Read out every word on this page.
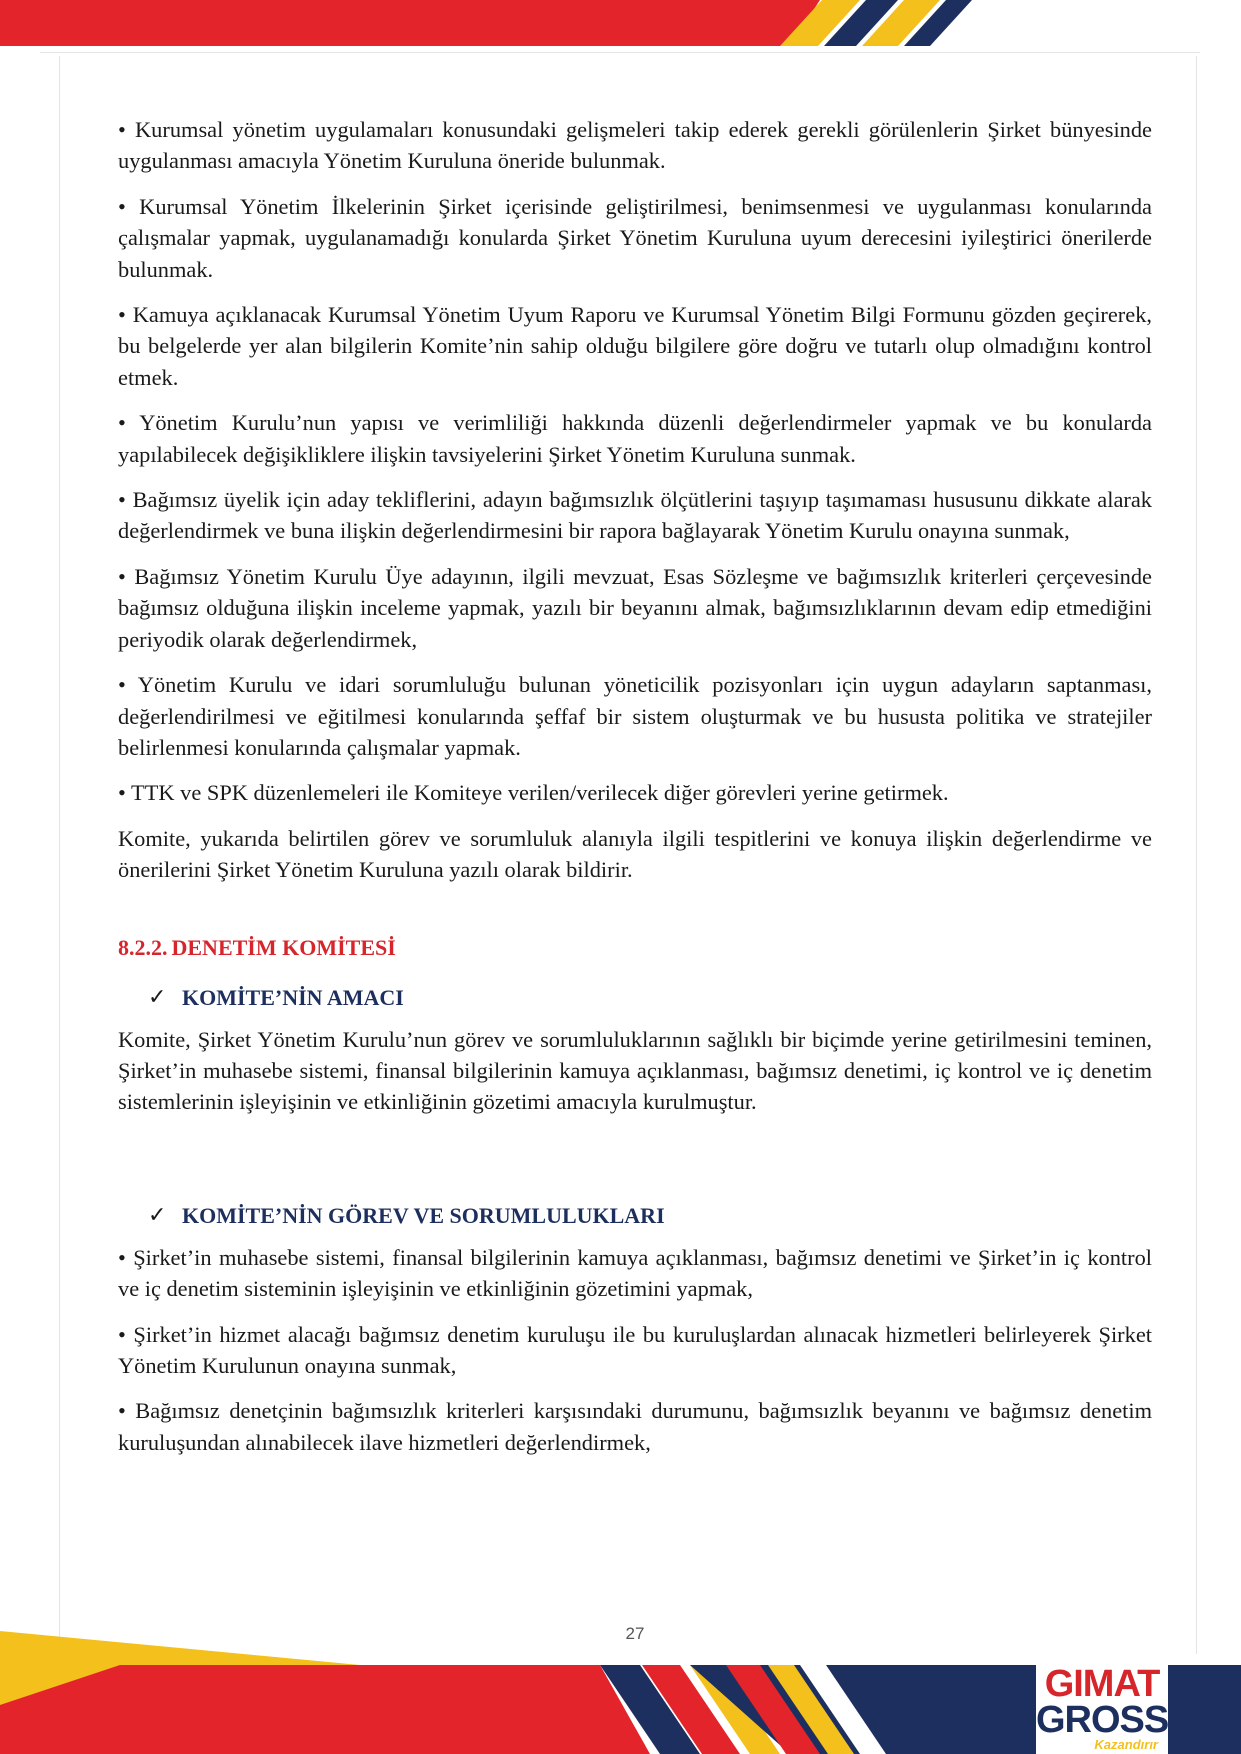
• Kurumsal yönetim uygulamaları konusundaki gelişmeleri takip ederek gerekli görülenlerin Şirket bünyesinde uygulanması amacıyla Yönetim Kuruluna öneride bulunmak.

• Kurumsal Yönetim İlkelerinin Şirket içerisinde geliştirilmesi, benimsenmesi ve uygulanması konularında çalışmalar yapmak, uygulanamadığı konularda Şirket Yönetim Kuruluna uyum derecesini iyileştirici önerilerde bulunmak.

• Kamuya açıklanacak Kurumsal Yönetim Uyum Raporu ve Kurumsal Yönetim Bilgi Formunu gözden geçirerek, bu belgelerde yer alan bilgilerin Komite’nin sahip olduğu bilgilere göre doğru ve tutarlı olup olmadığını kontrol etmek.

• Yönetim Kurulu’nun yapısı ve verimliliği hakkında düzenli değerlendirmeler yapmak ve bu konularda yapılabilecek değişikliklere ilişkin tavsiyelerini Şirket Yönetim Kuruluna sunmak.

• Bağımsız üyelik için aday tekliflerini, adayın bağımsızlık ölçütlerini taşıyıp taşımaması hususunu dikkate alarak değerlendirmek ve buna ilişkin değerlendirmesini bir rapora bağlayarak Yönetim Kurulu onayına sunmak,

• Bağımsız Yönetim Kurulu Üye adayının, ilgili mevzuat, Esas Sözleşme ve bağımsızlık kriterleri çerçevesinde bağımsız olduğuna ilişkin inceleme yapmak, yazılı bir beyanını almak, bağımsızlıklarının devam edip etmediğini periyodik olarak değerlendirmek,

• Yönetim Kurulu ve idari sorumluluğu bulunan yöneticilik pozisyonları için uygun adayların saptanması, değerlendirilmesi ve eğitilmesi konularında şeffaf bir sistem oluşturmak ve bu hususta politika ve stratejiler belirlenmesi konularında çalışmalar yapmak.

• TTK ve SPK düzenlemeleri ile Komiteye verilen/verilecek diğer görevleri yerine getirmek.

Komite, yukarıda belirtilen görev ve sorumluluk alanıyla ilgili tespitlerini ve konuya ilişkin değerlendirme ve önerilerini Şirket Yönetim Kuruluna yazılı olarak bildirir.

8.2.2. DENETİM KOMİTESİ
✓ KOMİTE’NİN AMACI

Komite, Şirket Yönetim Kurulu’nun görev ve sorumluluklarının sağlıklı bir biçimde yerine getirilmesini teminen, Şirket’in muhasebe sistemi, finansal bilgilerinin kamuya açıklanması, bağımsız denetimi, iç kontrol ve iç denetim sistemlerinin işleyişinin ve etkinliğinin gözetimi amacıyla kurulmuştur.

✓ KOMİTE’NİN GÖREV VE SORUMLULUKLARI

• Şirket’in muhasebe sistemi, finansal bilgilerinin kamuya açıklanması, bağımsız denetimi ve Şirket’in iç kontrol ve iç denetim sisteminin işleyişinin ve etkinliğinin gözetimini yapmak,

• Şirket’in hizmet alacağı bağımsız denetim kuruluşu ile bu kuruluşlardan alınacak hizmetleri belirleyerek Şirket Yönetim Kurulunun onayına sunmak,

• Bağımsız denetçinin bağımsızlık kriterleri karşısındaki durumunu, bağımsızlık beyanını ve bağımsız denetim kuruluşundan alınabilecek ilave hizmetleri değerlendirmek,

27
GIMAT
GROSS
Kazandırır
